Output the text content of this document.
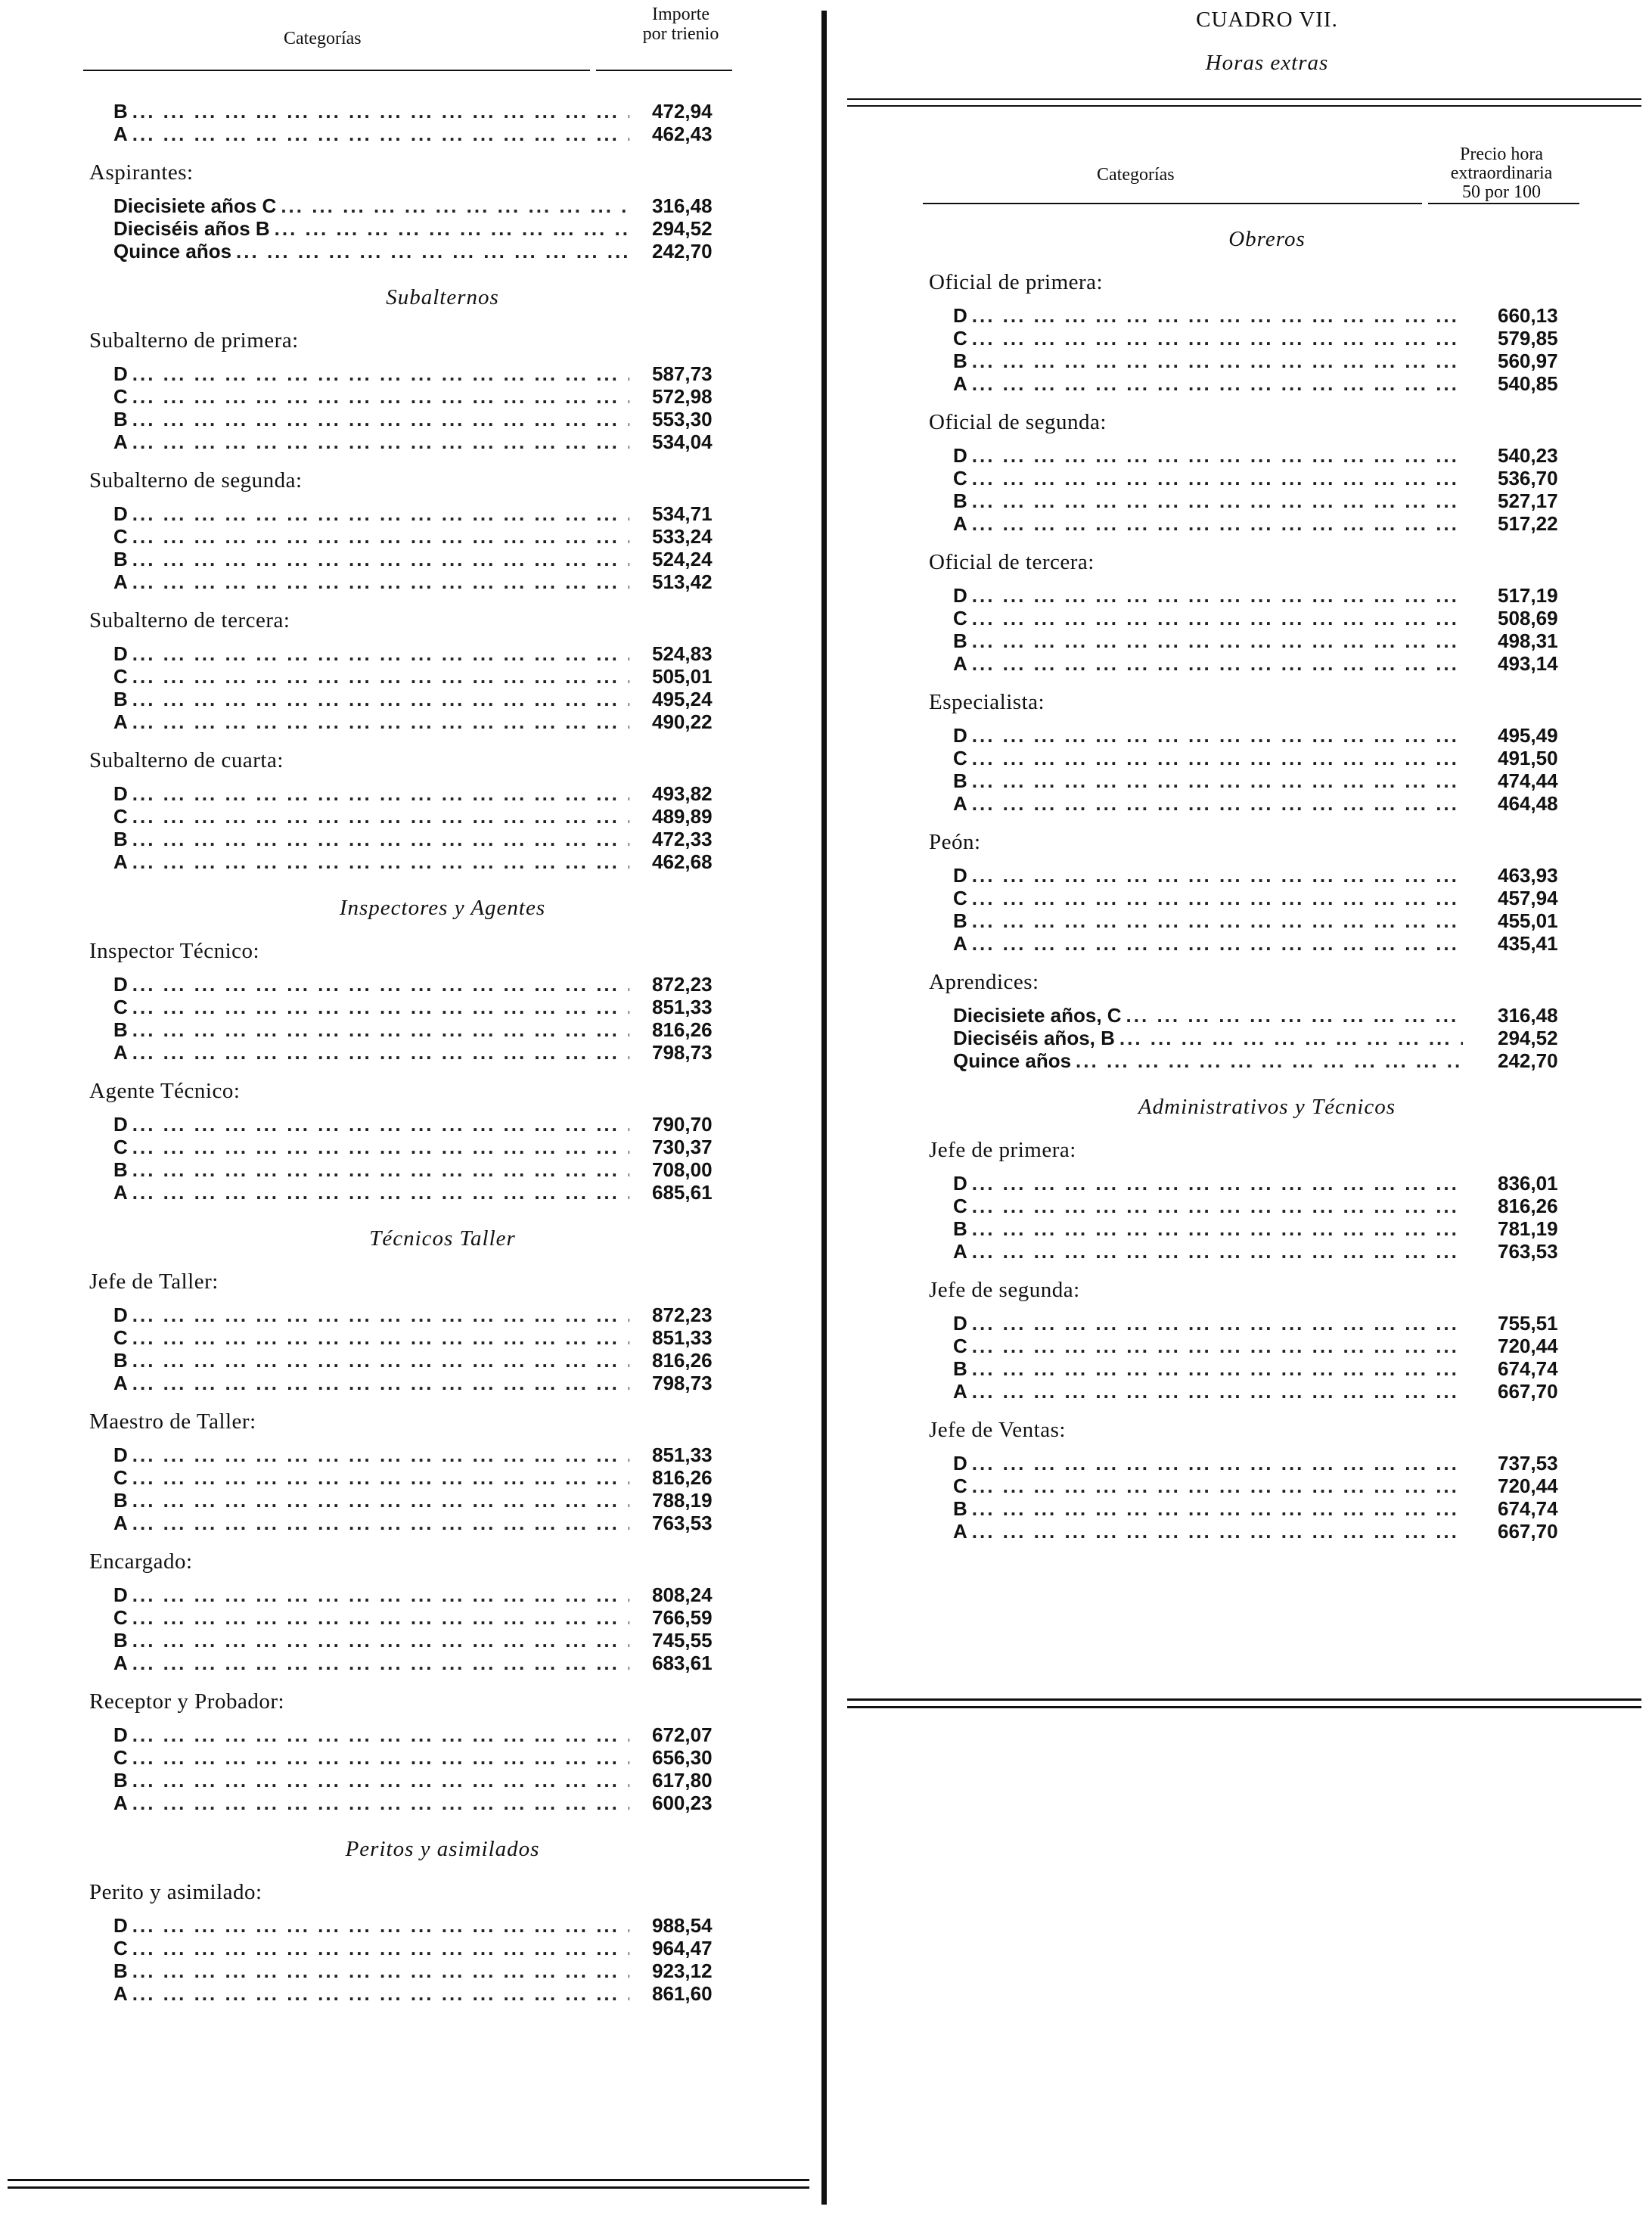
Categorías
Importe
por trienio
B ... .	472,94
A ... .	462,43
Aspirantes:
Diecisiete años C ... .	316,48
Dieciséis años B ... .	294,52
Quince años ... .	242,70
Subalternos
Subalterno de primera:
D ... .	587,73
C ... .	572,98
B ... .	553,30
A ... .	534,04
Subalterno de segunda:
D ... .	534,71
C ... .	533,24
B ... .	524,24
A ... .	513,42
Subalterno de tercera:
D ... .	524,83
C ... .	505,01
B ... .	495,24
A ... .	490,22
Subalterno de cuarta:
D ... .	493,82
C ... .	489,89
B ... .	472,33
A ... .	462,68
Inspectores y Agentes
Inspector Técnico:
D ... .	872,23
C ... .	851,33
B ... .	816,26
A ... .	798,73
Agente Técnico:
D ... .	790,70
C ... .	730,37
B ... .	708,00
A ... .	685,61
Técnicos Taller
Jefe de Taller:
D ... .	872,23
C ... .	851,33
B ... .	816,26
A ... .	798,73
Maestro de Taller:
D ... .	851,33
C ... .	816,26
B ... .	788,19
A ... .	763,53
Encargado:
D ... .	808,24
C ... .	766,59
B ... .	745,55
A ... .	683,61
Receptor y Probador:
D ... .	672,07
C ... .	656,30
B ... .	617,80
A ... .	600,23
Peritos y asimilados
Perito y asimilado:
D ... .	988,54
C ... .	964,47
B ... .	923,12
A ... .	861,60
CUADRO VII.
Horas extras
Categorías
Precio hora
extraordinaria
50 por 100
Obreros
Oficial de primera:
D ... .	660,13
C ... .	579,85
B ... .	560,97
A ... .	540,85
Oficial de segunda:
D ... .	540,23
C ... .	536,70
B ... .	527,17
A ... .	517,22
Oficial de tercera:
D ... .	517,19
C ... .	508,69
B ... .	498,31
A ... .	493,14
Especialista:
D ... .	495,49
C ... .	491,50
B ... .	474,44
A ... .	464,48
Peón:
D ... .	463,93
C ... .	457,94
B ... .	455,01
A ... .	435,41
Aprendices:
Diecisiete años, C ... .	316,48
Dieciséis años, B ... .	294,52
Quince años ... .	242,70
Administrativos y Técnicos
Jefe de primera:
D ... .	836,01
C ... .	816,26
B ... .	781,19
A ... .	763,53
Jefe de segunda:
D ... .	755,51
C ... .	720,44
B ... .	674,74
A ... .	667,70
Jefe de Ventas:
D ... .	737,53
C ... .	720,44
B ... .	674,74
A ... .	667,70
